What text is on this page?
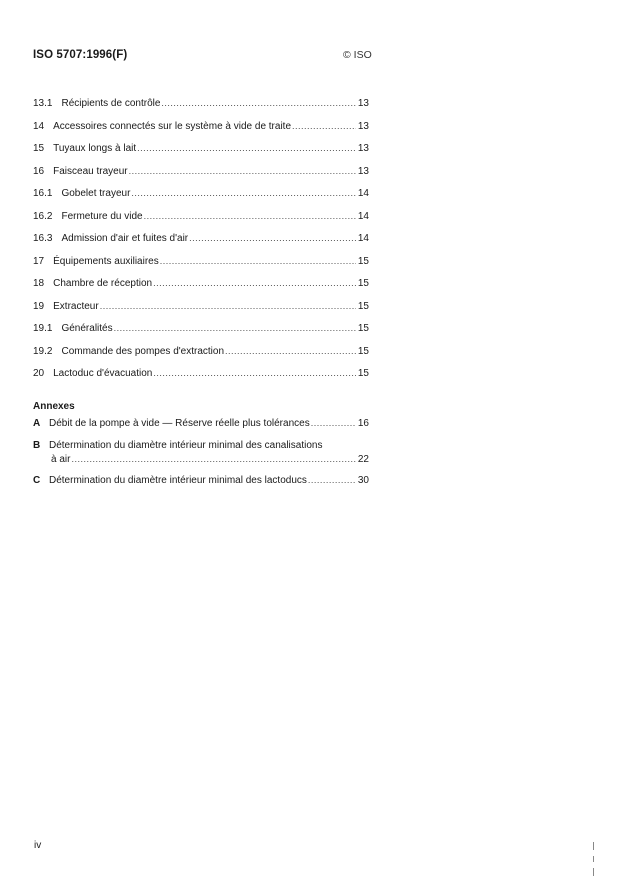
ISO 5707:1996(F)	© ISO
13.1 Récipients de contrôle .....	13
14 Accessoires connectés sur le système à vide de traite .....	13
15 Tuyaux longs à lait .....	13
16 Faisceau trayeur .....	13
16.1 Gobelet trayeur .....	14
16.2 Fermeture du vide .....	14
16.3 Admission d'air et fuites d'air .....	14
17 Équipements auxiliaires .....	15
18 Chambre de réception .....	15
19 Extracteur .....	15
19.1 Généralités .....	15
19.2 Commande des pompes d'extraction .....	15
20 Lactoduc d'évacuation .....	15
Annexes
A Débit de la pompe à vide — Réserve réelle plus tolérances .....	16
B Détermination du diamètre intérieur minimal des canalisations
à air .....	22
C Détermination du diamètre intérieur minimal des lactoducs .....	30
iv
